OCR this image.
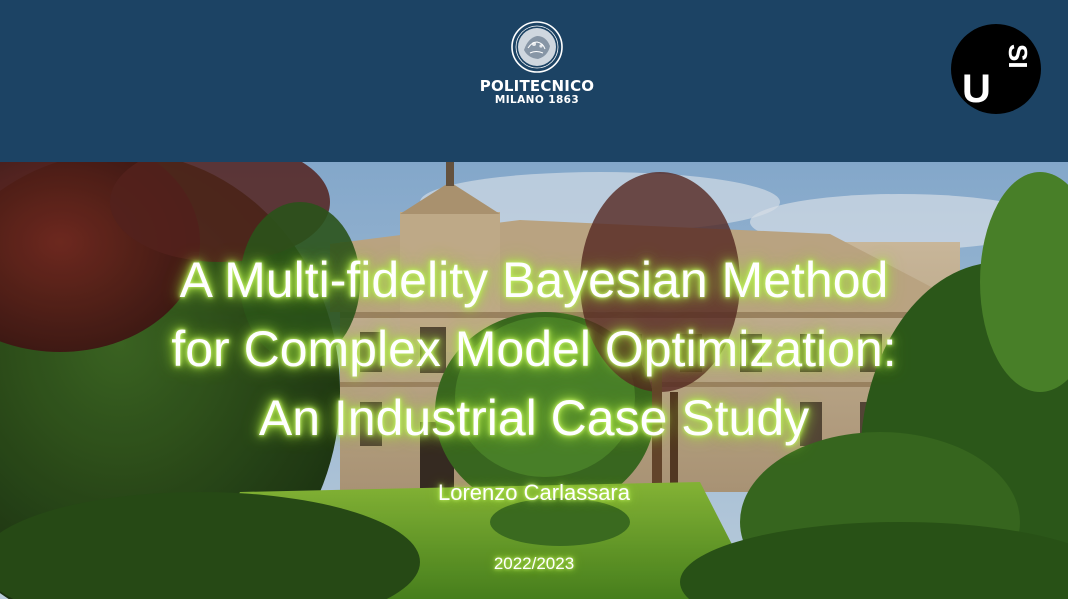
POLITECNICO
MILANO 1863	U
SI
A Multi-fidelity Bayesian Method
for Complex Model Optimization:
An Industrial Case Study
Lorenzo Carlassara
2022/2023
